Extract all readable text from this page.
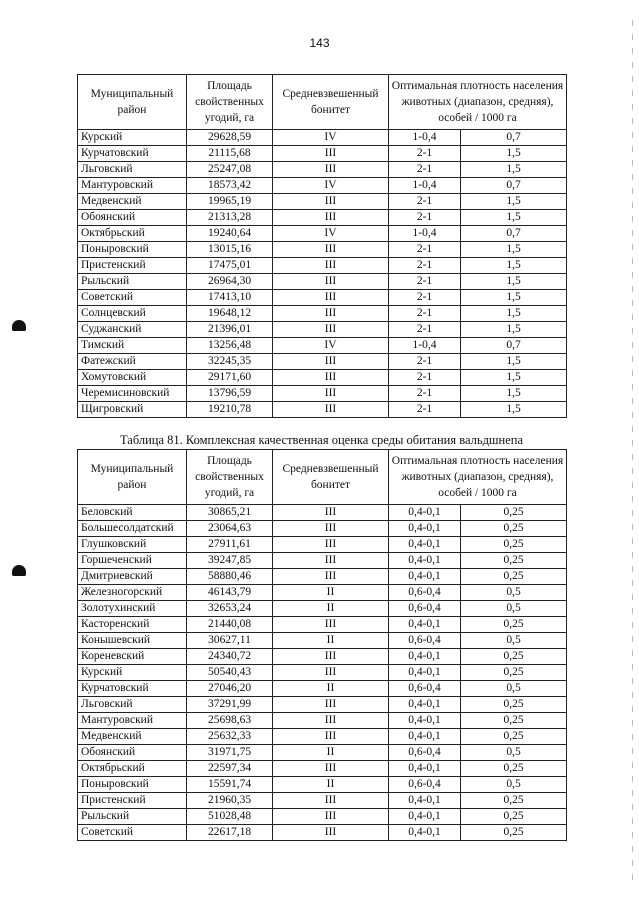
143
Муниципальный район	Площадь свойственных угодий, га	Средневзвешенный бонитет	Оптимальная плотность населения животных (диапазон, средняя), особей / 1000 га	
Курский	29628,59	IV	1-0,4	0,7
Курчатовский	21115,68	III	2-1	1,5
Льговский	25247,08	III	2-1	1,5
Мантуровский	18573,42	IV	1-0,4	0,7
Медвенский	19965,19	III	2-1	1,5
Обоянский	21313,28	III	2-1	1,5
Октябрьский	19240,64	IV	1-0,4	0,7
Поныровский	13015,16	III	2-1	1,5
Пристенский	17475,01	III	2-1	1,5
Рыльский	26964,30	III	2-1	1,5
Советский	17413,10	III	2-1	1,5
Солнцевский	19648,12	III	2-1	1,5
Суджанский	21396,01	III	2-1	1,5
Тимский	13256,48	IV	1-0,4	0,7
Фатежский	32245,35	III	2-1	1,5
Хомутовский	29171,60	III	2-1	1,5
Черемисиновский	13796,59	III	2-1	1,5
Щигровский	19210,78	III	2-1	1,5
Таблица 81. Комплексная качественная оценка среды обитания вальдшнепа
Муниципальный район	Площадь свойственных угодий, га	Средневзвешенный бонитет	Оптимальная плотность населения животных (диапазон, средняя), особей / 1000 га	
Беловский	30865,21	III	0,4-0,1	0,25
Большесолдатский	23064,63	III	0,4-0,1	0,25
Глушковский	27911,61	III	0,4-0,1	0,25
Горшеченский	39247,85	III	0,4-0,1	0,25
Дмитриевский	58880,46	III	0,4-0,1	0,25
Железногорский	46143,79	II	0,6-0,4	0,5
Золотухинский	32653,24	II	0,6-0,4	0,5
Касторенский	21440,08	III	0,4-0,1	0,25
Конышевский	30627,11	II	0,6-0,4	0,5
Кореневский	24340,72	III	0,4-0,1	0,25
Курский	50540,43	III	0,4-0,1	0,25
Курчатовский	27046,20	II	0,6-0,4	0,5
Льговский	37291,99	III	0,4-0,1	0,25
Мантуровский	25698,63	III	0,4-0,1	0,25
Медвенский	25632,33	III	0,4-0,1	0,25
Обоянский	31971,75	II	0,6-0,4	0,5
Октябрьский	22597,34	III	0,4-0,1	0,25
Поныровский	15591,74	II	0,6-0,4	0,5
Пристенский	21960,35	III	0,4-0,1	0,25
Рыльский	51028,48	III	0,4-0,1	0,25
Советский	22617,18	III	0,4-0,1	0,25
